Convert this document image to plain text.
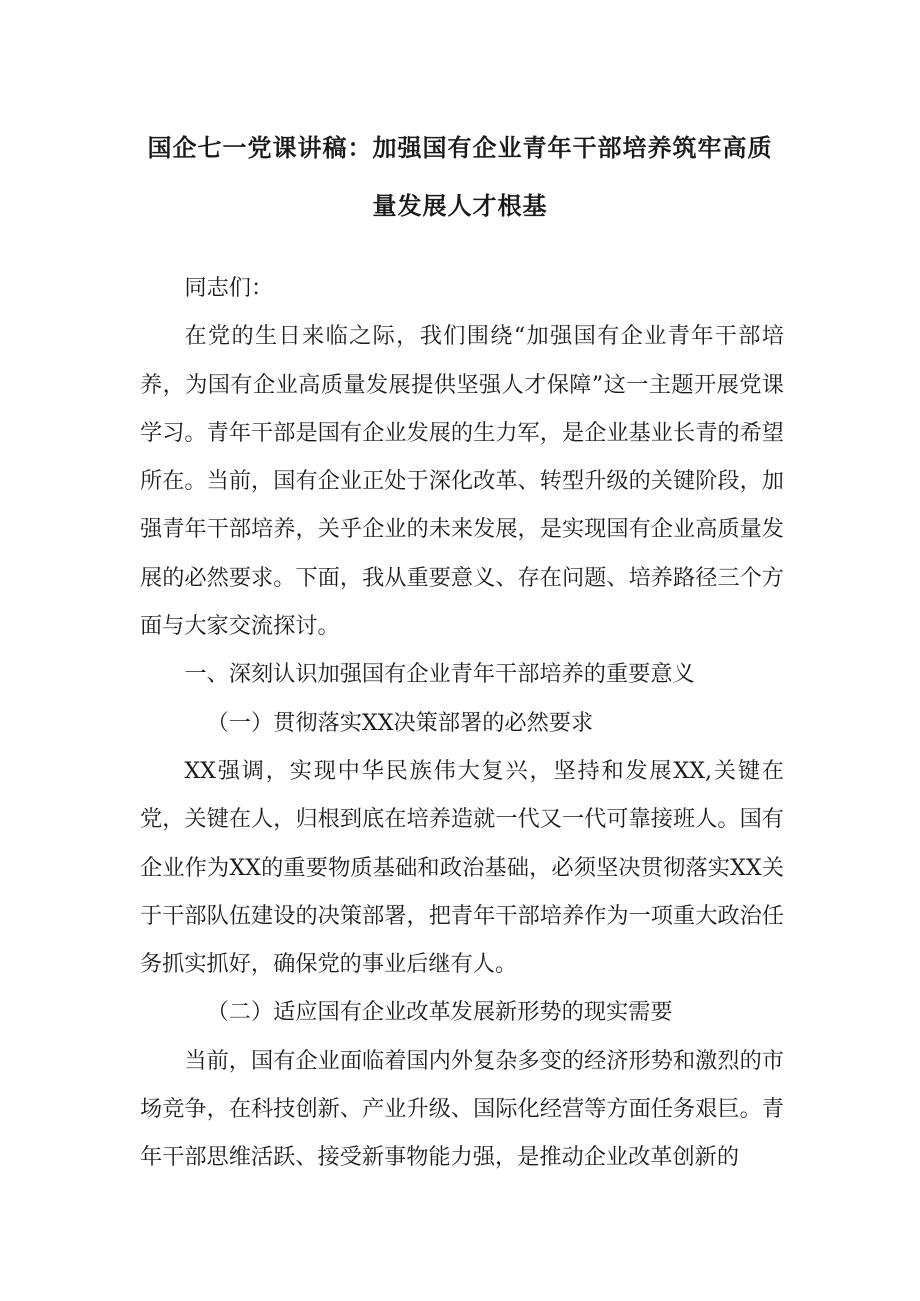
国企七一党课讲稿：加强国有企业青年干部培养筑牢高质
量发展人才根基

同志们：

在党的生日来临之际，我们围绕“加强国有企业青年干部培养，为国有企业高质量发展提供坚强人才保障”这一主题开展党课学习。青年干部是国有企业发展的生力军，是企业基业长青的希望所在。当前，国有企业正处于深化改革、转型升级的关键阶段，加强青年干部培养，关乎企业的未来发展，是实现国有企业高质量发展的必然要求。下面，我从重要意义、存在问题、培养路径三个方面与大家交流探讨。

一、深刻认识加强国有企业青年干部培养的重要意义

（一）贯彻落实XX决策部署的必然要求

XX强调，实现中华民族伟大复兴，坚持和发展XX,关键在党，关键在人，归根到底在培养造就一代又一代可靠接班人。国有企业作为XX的重要物质基础和政治基础，必须坚决贯彻落实XX关于干部队伍建设的决策部署，把青年干部培养作为一项重大政治任务抓实抓好，确保党的事业后继有人。

（二）适应国有企业改革发展新形势的现实需要

当前，国有企业面临着国内外复杂多变的经济形势和激烈的市场竞争，在科技创新、产业升级、国际化经营等方面任务艰巨。青年干部思维活跃、接受新事物能力强，是推动企业改革创新的
